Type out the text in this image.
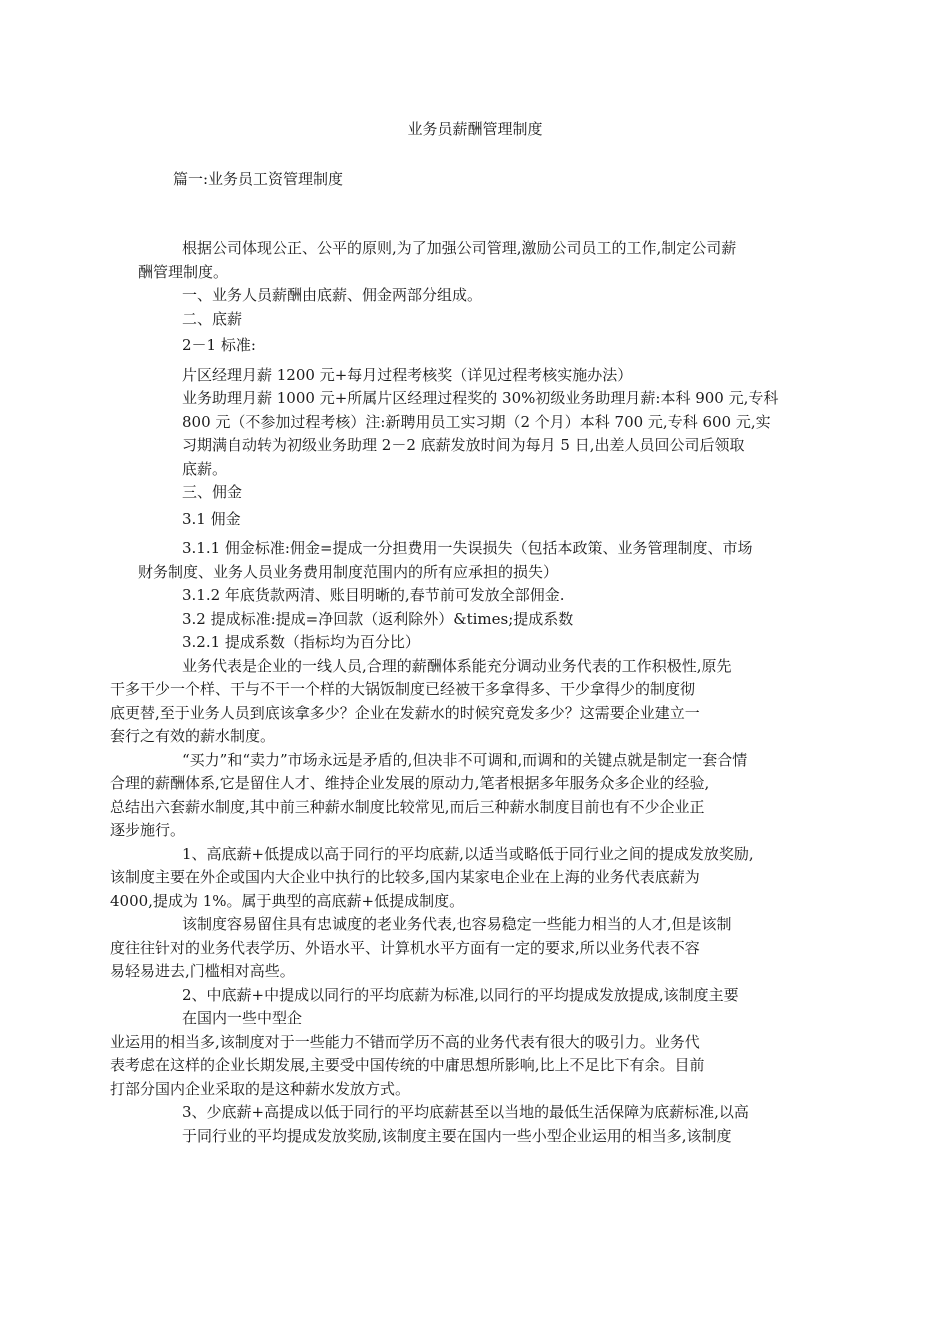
业务员薪酬管理制度
篇一:业务员工资管理制度

根据公司体现公正、公平的原则,为了加强公司管理,激励公司员工的工作,制定公司薪

酬管理制度。

一、业务人员薪酬由底薪、佣金两部分组成。

二、底薪

2－1 标准:

片区经理月薪 1200 元+每月过程考核奖（详见过程考核实施办法）

业务助理月薪 1000 元+所属片区经理过程奖的 30%初级业务助理月薪:本科 900 元,专科

800 元（不参加过程考核）注:新聘用员工实习期（2 个月）本科 700 元,专科 600 元,实

习期满自动转为初级业务助理 2－2 底薪发放时间为每月 5 日,出差人员回公司后领取

底薪。

三、佣金

3.1 佣金

3.1.1 佣金标准:佣金=提成一分担费用一失误损失（包括本政策、业务管理制度、市场

财务制度、业务人员业务费用制度范围内的所有应承担的损失）

3.1.2 年底货款两清、账目明晰的,春节前可发放全部佣金.

3.2 提成标准:提成=净回款（返利除外）&times;提成系数

3.2.1 提成系数（指标均为百分比）

业务代表是企业的一线人员,合理的薪酬体系能充分调动业务代表的工作积极性,原先

干多干少一个样、干与不干一个样的大锅饭制度已经被干多拿得多、干少拿得少的制度彻

底更替,至于业务人员到底该拿多少？企业在发薪水的时候究竟发多少？这需要企业建立一

套行之有效的薪水制度。

“买力”和“卖力”市场永远是矛盾的,但决非不可调和,而调和的关键点就是制定一套合情

合理的薪酬体系,它是留住人才、维持企业发展的原动力,笔者根据多年服务众多企业的经验,

总结出六套薪水制度,其中前三种薪水制度比较常见,而后三种薪水制度目前也有不少企业正

逐步施行。

1、高底薪+低提成以高于同行的平均底薪,以适当或略低于同行业之间的提成发放奖励,

该制度主要在外企或国内大企业中执行的比较多,国内某家电企业在上海的业务代表底薪为

4000,提成为 1%。属于典型的高底薪+低提成制度。

该制度容易留住具有忠诚度的老业务代表,也容易稳定一些能力相当的人才,但是该制

度往往针对的业务代表学历、外语水平、计算机水平方面有一定的要求,所以业务代表不容

易轻易进去,门槛相对高些。

2、中底薪+中提成以同行的平均底薪为标准,以同行的平均提成发放提成,该制度主要

在国内一些中型企

业运用的相当多,该制度对于一些能力不错而学历不高的业务代表有很大的吸引力。业务代

表考虑在这样的企业长期发展,主要受中国传统的中庸思想所影响,比上不足比下有余。目前

打部分国内企业采取的是这种薪水发放方式。

3、少底薪+高提成以低于同行的平均底薪甚至以当地的最低生活保障为底薪标准,以高

于同行业的平均提成发放奖励,该制度主要在国内一些小型企业运用的相当多,该制度
